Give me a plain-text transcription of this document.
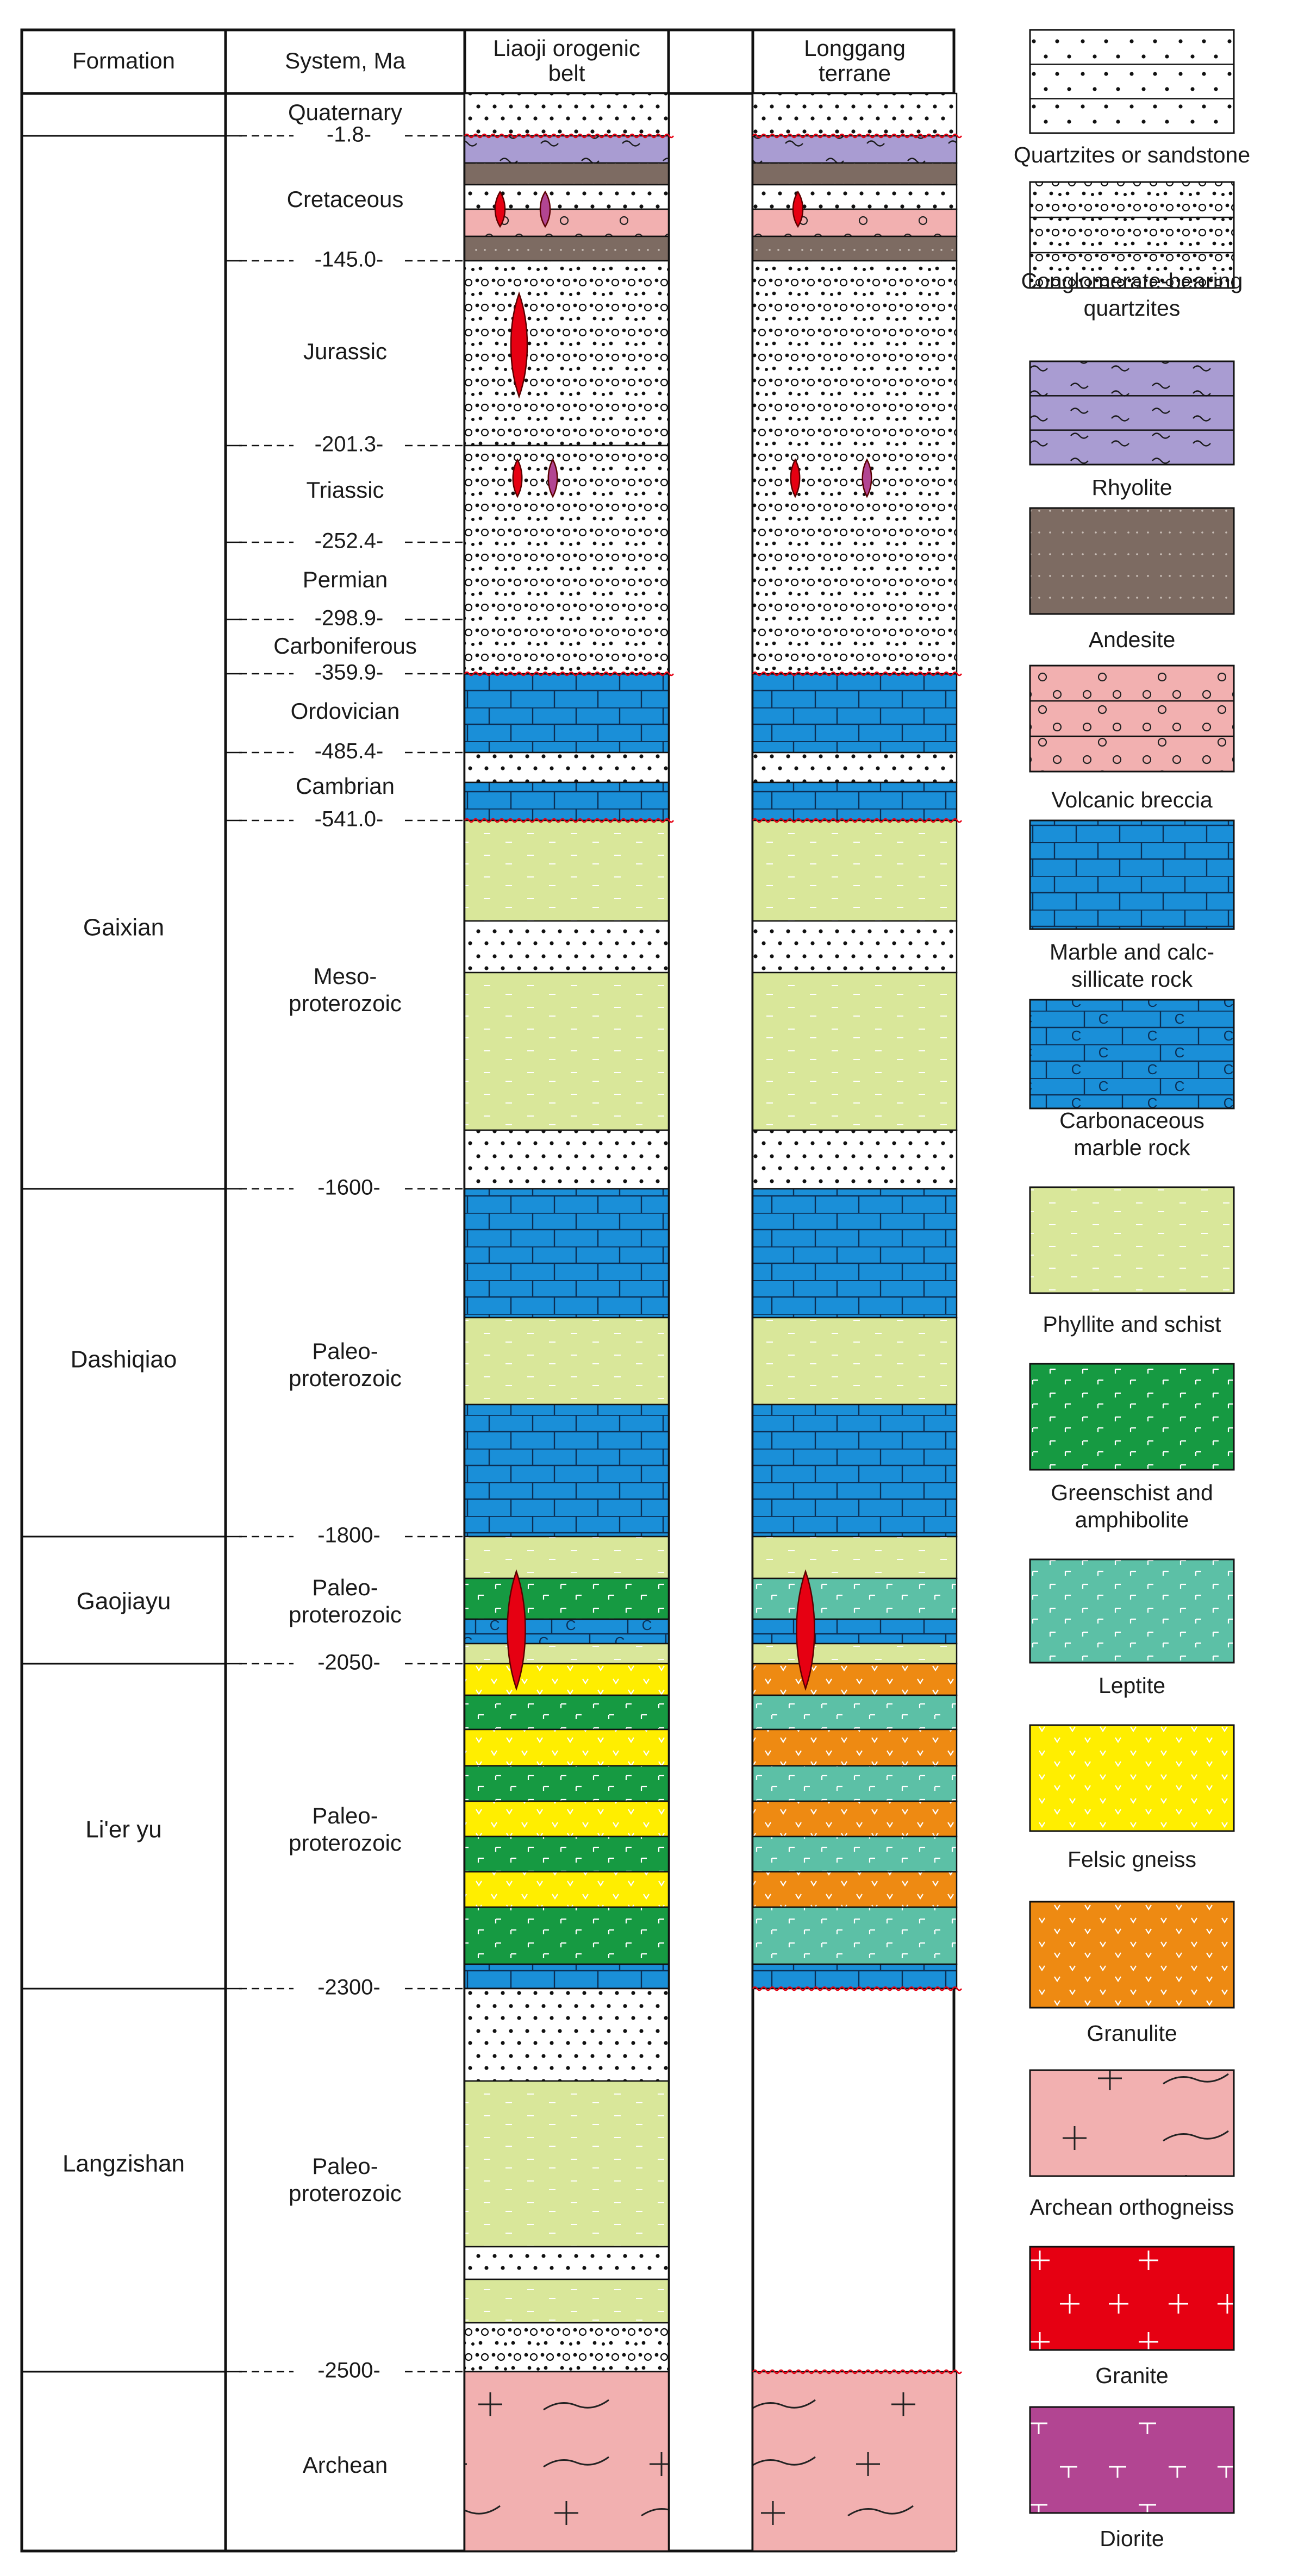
Formation	System, Ma	Liaoji orogenic
belt
Longgang
terrane
-1.8-
-145.0-
-201.3-
-252.4-
-298.9-
-359.9-
-485.4-
-541.0-
-1600-
-1800-
-2050-
-2300-
-2500-
Quaternary
Cretaceous
Jurassic
Triassic
Permian
Carboniferous
Ordovician
Cambrian
Meso-
proterozoic
Paleo-
proterozoic
Paleo-
proterozoic
Paleo-
proterozoic
Paleo-
proterozoic
Archean
Gaixian
Dashiqiao
Gaojiayu
Li'er yu
Langzishan
Quartzites or sandstone
Conglomerate-bearing
quartzites
Rhyolite
Andesite
Volcanic breccia
Marble and calc-
sillicate rock
Carbonaceous
marble rock
Phyllite and schist
Greenschist and
amphibolite
Leptite
Felsic gneiss
Granulite
Archean orthogneiss
Granite
Diorite
